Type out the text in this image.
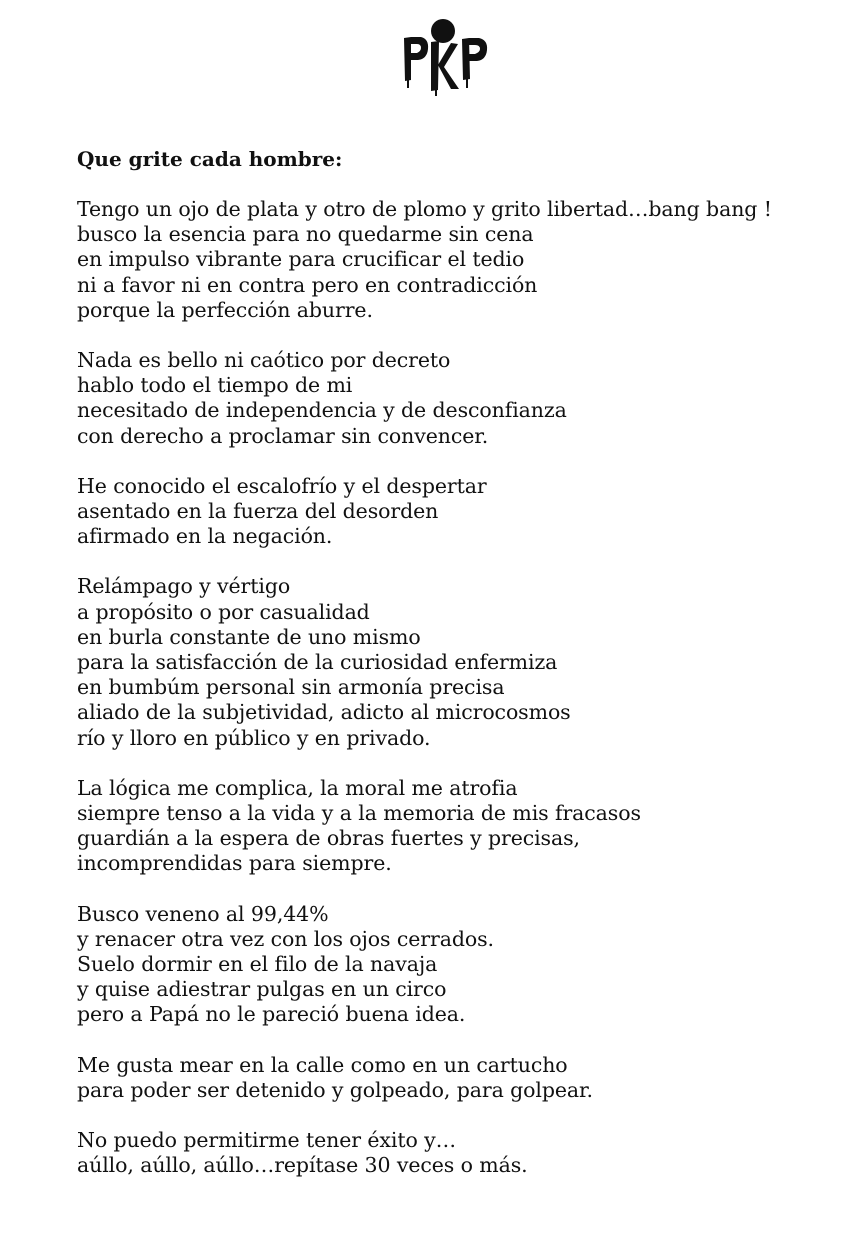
Que grite cada hombre:
Tengo un ojo de plata y otro de plomo y grito libertad…bang bang !
busco la esencia para no quedarme sin cena
en impulso vibrante para crucificar el tedio
ni a favor ni en contra pero en contradicción
porque la perfección aburre.
Nada es bello ni caótico por decreto
hablo todo el tiempo de mi
necesitado de independencia y de desconfianza
con derecho a proclamar sin convencer.
He conocido el escalofrío y el despertar
asentado en la fuerza del desorden
afirmado en la negación.
Relámpago y vértigo
a propósito o por casualidad
en burla constante de uno mismo
para la satisfacción de la curiosidad enfermiza
en bumbúm personal sin armonía precisa
aliado de la subjetividad, adicto al microcosmos
río y lloro en público y en privado.
La lógica me complica, la moral me atrofia
siempre tenso a la vida y a la memoria de mis fracasos
guardián a la espera de obras fuertes y precisas,
incomprendidas para siempre.
Busco veneno al 99,44%
y renacer otra vez con los ojos cerrados.
Suelo dormir en el filo de la navaja
y quise adiestrar pulgas en un circo
pero a Papá no le pareció buena idea.
Me gusta mear en la calle como en un cartucho
para poder ser detenido y golpeado, para golpear.
No puedo permitirme tener éxito y…
aúllo, aúllo, aúllo…repítase 30 veces o más.
